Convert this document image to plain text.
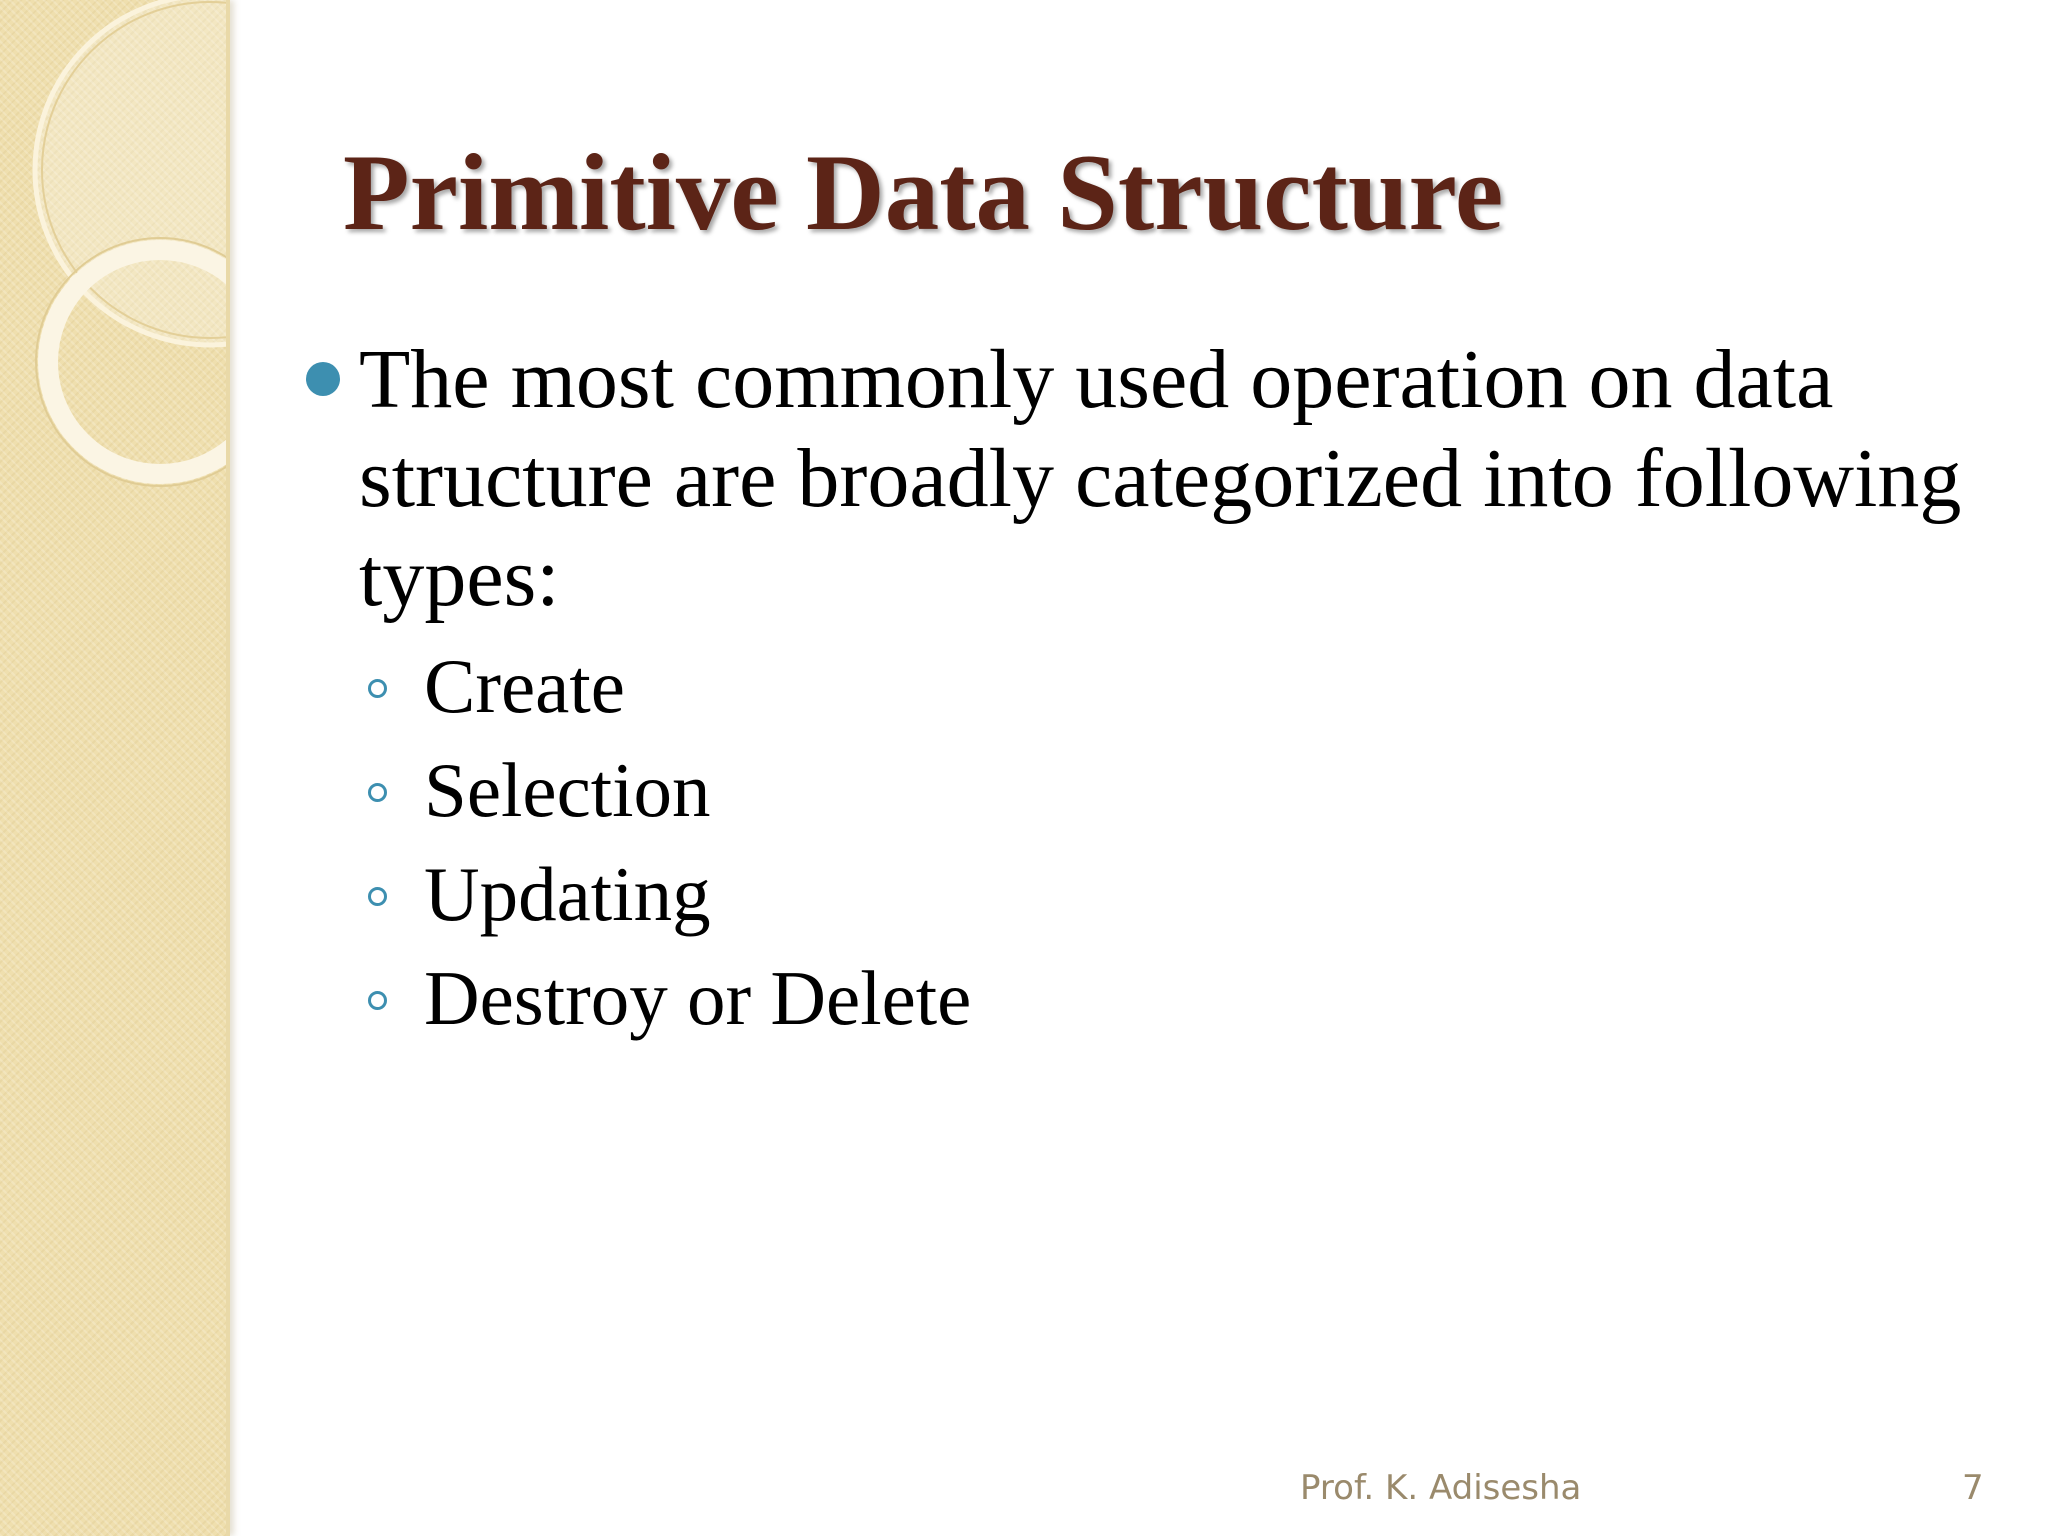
Primitive Data Structure

The most commonly used operation on data structure are broadly categorized into following types:

Create
Selection
Updating
Destroy or Delete
Prof. K. Adisesha	7
